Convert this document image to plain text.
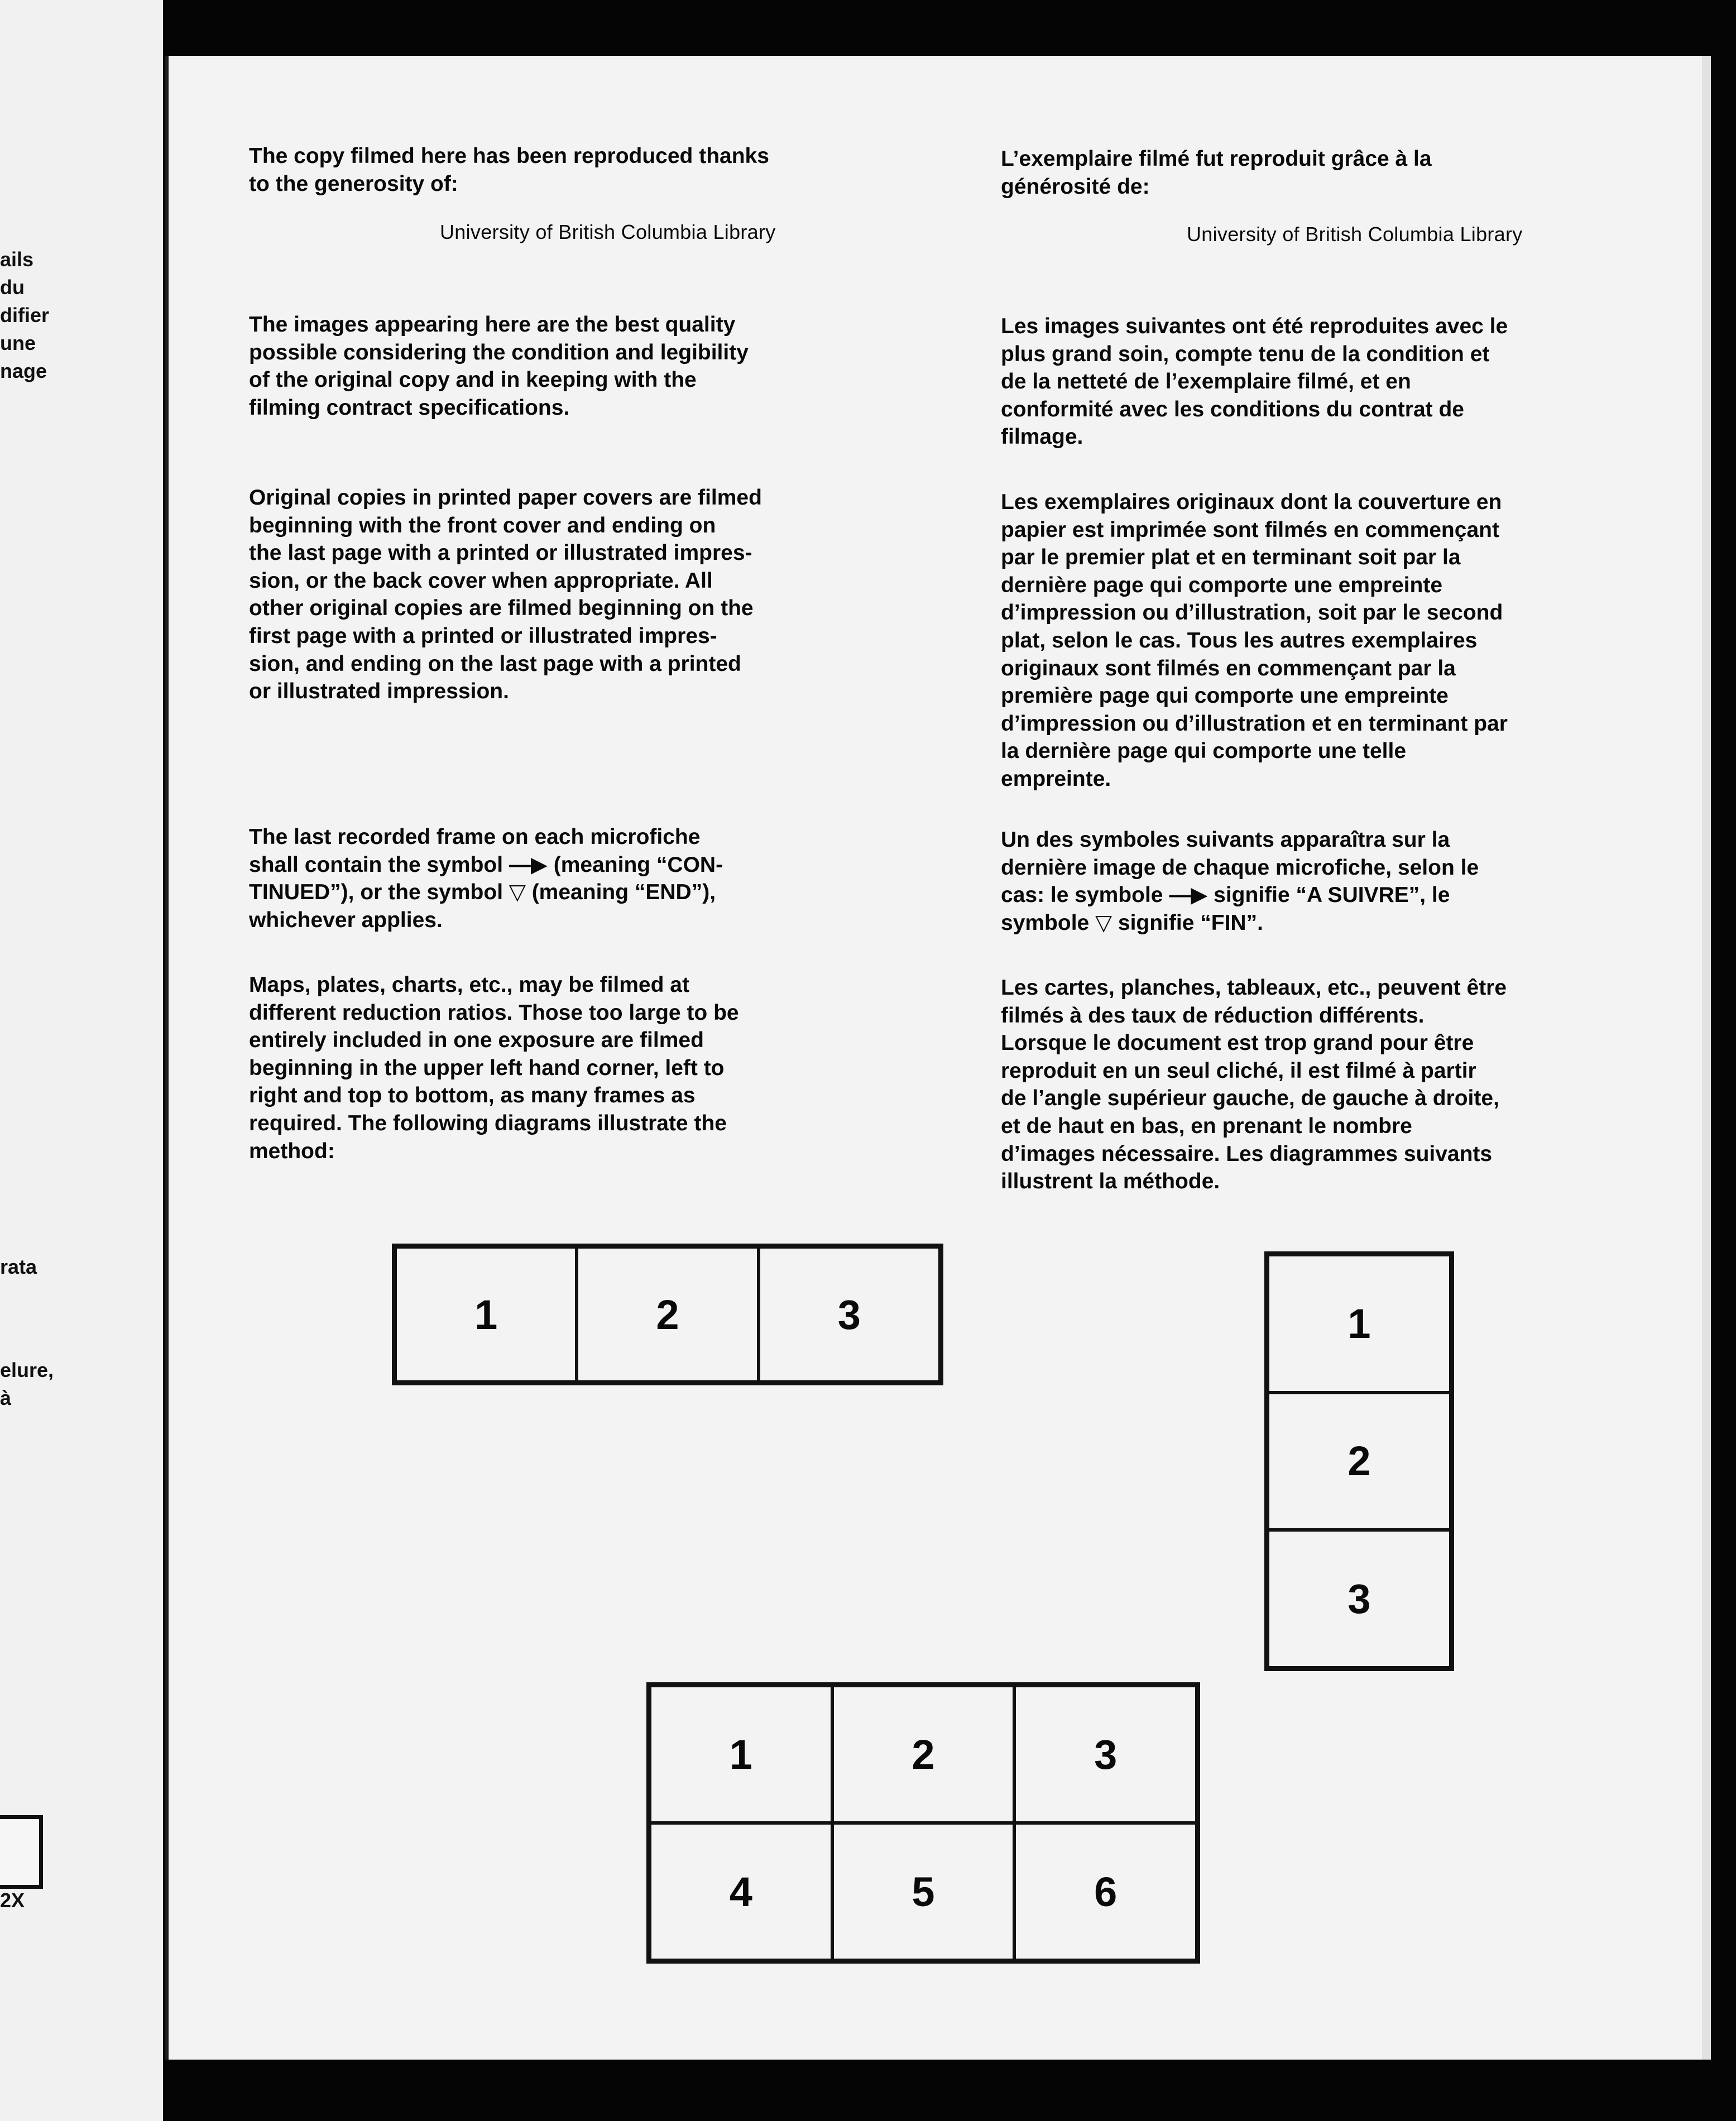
ails
du
difier
une
nage
rata
elure,
à
2X

The copy filmed here has been reproduced thanks
to the generosity of:

University of British Columbia Library

The images appearing here are the best quality
possible considering the condition and legibility
of the original copy and in keeping with the
filming contract specifications.

Original copies in printed paper covers are filmed
beginning with the front cover and ending on
the last page with a printed or illustrated impres-
sion, or the back cover when appropriate. All
other original copies are filmed beginning on the
first page with a printed or illustrated impres-
sion, and ending on the last page with a printed
or illustrated impression.

The last recorded frame on each microfiche
shall contain the symbol —▶ (meaning “CON-
TINUED”), or the symbol ▽ (meaning “END”),
whichever applies.

Maps, plates, charts, etc., may be filmed at
different reduction ratios. Those too large to be
entirely included in one exposure are filmed
beginning in the upper left hand corner, left to
right and top to bottom, as many frames as
required. The following diagrams illustrate the
method:

L’exemplaire filmé fut reproduit grâce à la
générosité de:

University of British Columbia Library

Les images suivantes ont été reproduites avec le
plus grand soin, compte tenu de la condition et
de la netteté de l’exemplaire filmé, et en
conformité avec les conditions du contrat de
filmage.

Les exemplaires originaux dont la couverture en
papier est imprimée sont filmés en commençant
par le premier plat et en terminant soit par la
dernière page qui comporte une empreinte
d’impression ou d’illustration, soit par le second
plat, selon le cas. Tous les autres exemplaires
originaux sont filmés en commençant par la
première page qui comporte une empreinte
d’impression ou d’illustration et en terminant par
la dernière page qui comporte une telle
empreinte.

Un des symboles suivants apparaîtra sur la
dernière image de chaque microfiche, selon le
cas: le symbole —▶ signifie “A SUIVRE”, le
symbole ▽ signifie “FIN”.

Les cartes, planches, tableaux, etc., peuvent être
filmés à des taux de réduction différents.
Lorsque le document est trop grand pour être
reproduit en un seul cliché, il est filmé à partir
de l’angle supérieur gauche, de gauche à droite,
et de haut en bas, en prenant le nombre
d’images nécessaire. Les diagrammes suivants
illustrent la méthode.

1	2	3	1
2
3
1	2	3
4	5	6
